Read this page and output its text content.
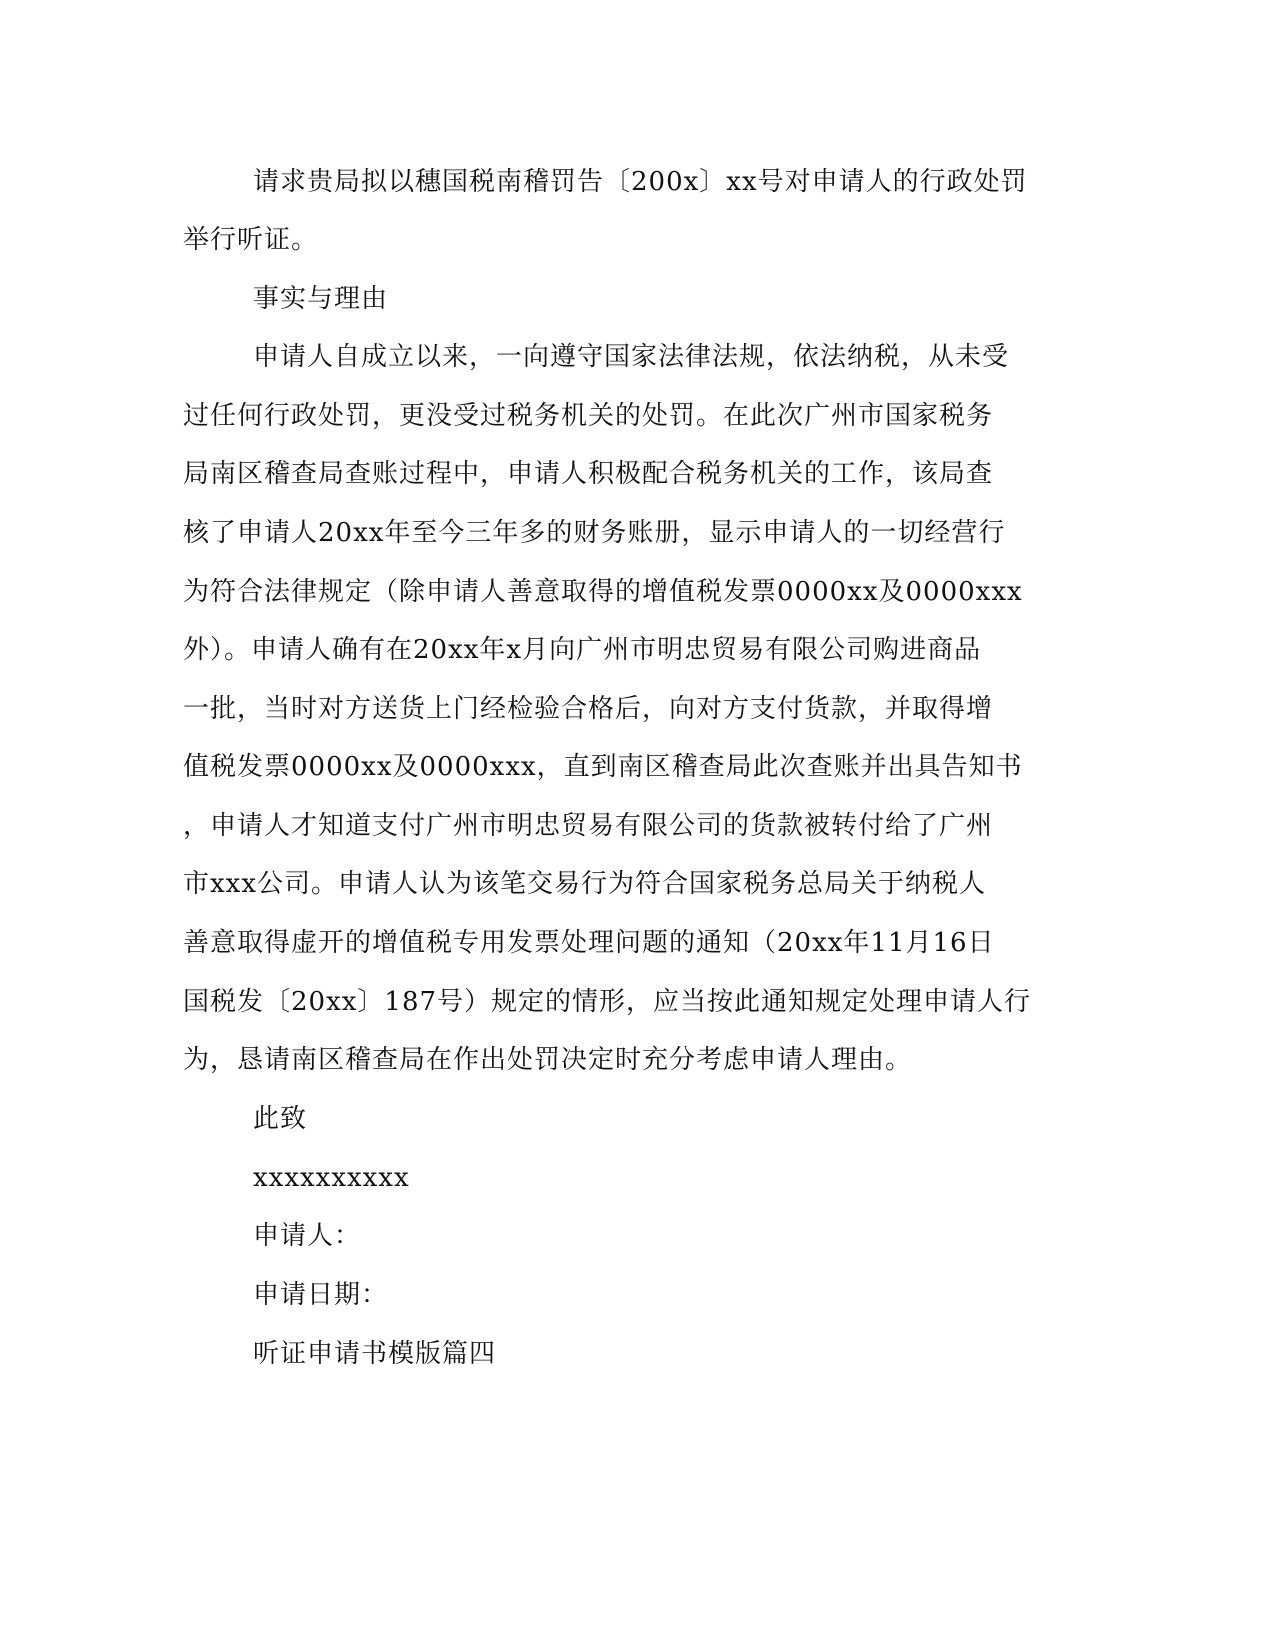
请求贵局拟以穗国税南稽罚告〔200x〕xx号对申请人的行政处罚
举行听证。
事实与理由
申请人自成立以来，一向遵守国家法律法规，依法纳税，从未受
过任何行政处罚，更没受过税务机关的处罚。在此次广州市国家税务
局南区稽查局查账过程中，申请人积极配合税务机关的工作，该局查
核了申请人20xx年至今三年多的财务账册，显示申请人的一切经营行
为符合法律规定（除申请人善意取得的增值税发票0000xx及0000xxx
外）。申请人确有在20xx年x月向广州市明忠贸易有限公司购进商品
一批，当时对方送货上门经检验合格后，向对方支付货款，并取得增
值税发票0000xx及0000xxx，直到南区稽查局此次查账并出具告知书
，申请人才知道支付广州市明忠贸易有限公司的货款被转付给了广州
市xxx公司。申请人认为该笔交易行为符合国家税务总局关于纳税人
善意取得虚开的增值税专用发票处理问题的通知（20xx年11月16日
国税发〔20xx〕187号）规定的情形，应当按此通知规定处理申请人行
为，恳请南区稽查局在作出处罚决定时充分考虑申请人理由。
此致
xxxxxxxxxx
申请人：
申请日期：
听证申请书模版篇四
